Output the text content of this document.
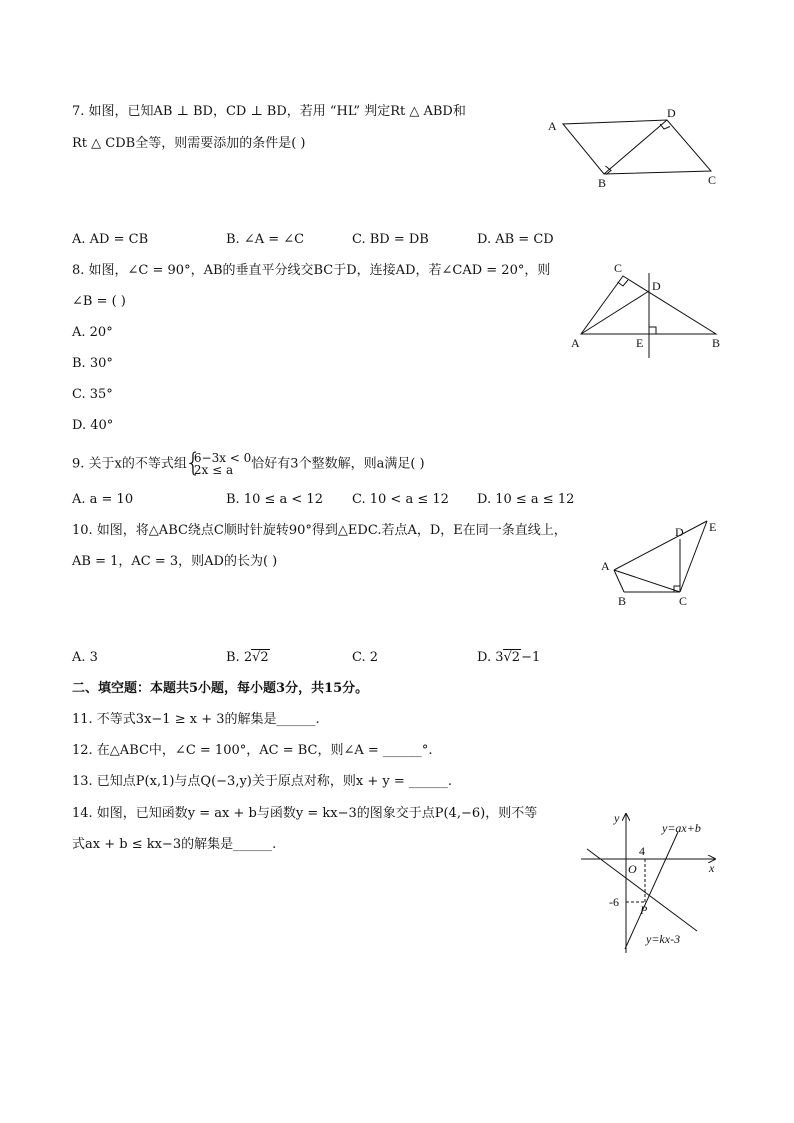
7. 如图，已知AB ⊥ BD，CD ⊥ BD，若用 “HL” 判定Rt △ ABD和
Rt △ CDB全等，则需要添加的条件是( )
A
B	C
D
A. AD = CB	B. ∠A = ∠C	C. BD = DB	D. AB = CD
8. 如图，∠C = 90°，AB的垂直平分线交BC于D，连接AD，若∠CAD = 20°，则
∠B = ( )
A. 20°
B. 30°
C. 35°
D. 40°
C
D
A	E	B
9. 关于x的不等式组
{ 6−3x < 0
2x ≤ a	恰好有3个整数解，则a满足( )
A. a = 10	B. 10 ≤ a < 12 C. 10 < a ≤ 12 D. 10 ≤ a ≤ 12
10. 如图，将△ABC绕点C顺时针旋转90°得到△EDC.若点A，D，E在同一条直线上，
AB = 1，AC = 3，则AD的长为( )
D E
A
B	C
A. 3	B. 2√2	C. 2	D. 3√2−1
二、填空题：本题共5小题，每小题3分，共15分。
11. 不等式3x−1 ≥ x + 3的解集是______.
12. 在△ABC中，∠C = 100°，AC = BC，则∠A = ______°.
13. 已知点P(x,1)与点Q(−3,y)关于原点对称，则x + y = ______.
14. 如图，已知函数y = ax + b与函数y = kx−3的图象交于点P(4,−6)，则不等
式ax + b ≤ kx−3的解集是______.
y
x
O
4
-6
P
y=ax+b
y=kx-3
